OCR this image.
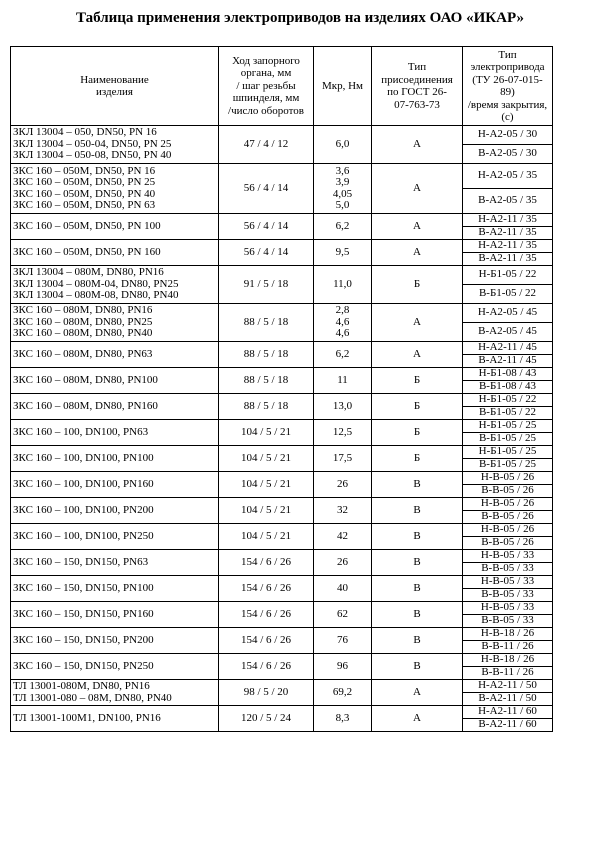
Таблица применения электроприводов на изделиях ОАО «ИКАР»
Наименование
изделия	Ход запорного
органа, мм
/ шаг резьбы
шпинделя, мм
/число оборотов	Мкр, Нм	Тип
присоединения
по ГОСТ 26-
07-763-73	Тип электропривода
(ТУ 26-07-015-89)
/время закрытия, (с)

ЗКЛ 13004 – 050, DN50, PN 16
ЗКЛ 13004 – 050-04, DN50, PN 25
ЗКЛ 13004 – 050-08, DN50, PN 40	47 / 4 / 12	6,0	А	Н-А2-05 / 30
				В-А2-05 / 30

ЗКС 160 – 050М, DN50, PN 16
ЗКС 160 – 050М, DN50, PN 25
ЗКС 160 – 050М, DN50, PN 40
ЗКС 160 – 050М, DN50, PN 63	56 / 4 / 14	3,6
3,9
4,05
5,0	А	Н-А2-05 / 35
				В-А2-05 / 35

ЗКС 160 – 050М, DN50, PN 100	56 / 4 / 14	6,2	А	Н-А2-11 / 35
				В-А2-11 / 35

ЗКС 160 – 050М, DN50, PN 160	56 / 4 / 14	9,5	А	Н-А2-11 / 35
				В-А2-11 / 35

ЗКЛ 13004 – 080М, DN80, PN16
ЗКЛ 13004 – 080М-04, DN80, PN25
ЗКЛ 13004 – 080М-08, DN80, PN40	91 / 5 / 18	11,0	Б	Н-Б1-05 / 22
				В-Б1-05 / 22

ЗКС 160 – 080М, DN80, PN16
ЗКС 160 – 080М, DN80, PN25
ЗКС 160 – 080М, DN80, PN40	88 / 5 / 18	2,8
4,6
4,6	А	Н-А2-05 / 45
				В-А2-05 / 45

ЗКС 160 – 080М, DN80, PN63	88 / 5 / 18	6,2	А	Н-А2-11 / 45
				В-А2-11 / 45

ЗКС 160 – 080М, DN80, PN100	88 / 5 / 18	11	Б	Н-Б1-08 / 43
				В-Б1-08 / 43

ЗКС 160 – 080М, DN80, PN160	88 / 5 / 18	13,0	Б	Н-Б1-05 / 22
				В-Б1-05 / 22

ЗКС 160 – 100, DN100, PN63	104 / 5 / 21	12,5	Б	Н-Б1-05 / 25
				В-Б1-05 / 25

ЗКС 160 – 100, DN100, PN100	104 / 5 / 21	17,5	Б	Н-Б1-05 / 25
				В-Б1-05 / 25

ЗКС 160 – 100, DN100, PN160	104 / 5 / 21	26	В	Н-В-05 / 26
				В-В-05 / 26

ЗКС 160 – 100, DN100, PN200	104 / 5 / 21	32	В	Н-В-05 / 26
				В-В-05 / 26

ЗКС 160 – 100, DN100, PN250	104 / 5 / 21	42	В	Н-В-05 / 26
				В-В-05 / 26

ЗКС 160 – 150, DN150, PN63	154 / 6 / 26	26	В	Н-В-05 / 33
				В-В-05 / 33

ЗКС 160 – 150, DN150, PN100	154 / 6 / 26	40	В	Н-В-05 / 33
				В-В-05 / 33

ЗКС 160 – 150, DN150, PN160	154 / 6 / 26	62	В	Н-В-05 / 33
				В-В-05 / 33

ЗКС 160 – 150, DN150, PN200	154 / 6 / 26	76	В	Н-В-18 / 26
				В-В-11 / 26

ЗКС 160 – 150, DN150, PN250	154 / 6 / 26	96	В	Н-В-18 / 26
				В-В-11 / 26

ТЛ 13001-080М, DN80, PN16
ТЛ 13001-080 – 08М, DN80, PN40	98 / 5 / 20	69,2	А	Н-А2-11 / 50
				В-А2-11 / 50

ТЛ 13001-100М1, DN100, PN16	120 / 5 / 24	8,3	А	Н-А2-11 / 60
				В-А2-11 / 60
